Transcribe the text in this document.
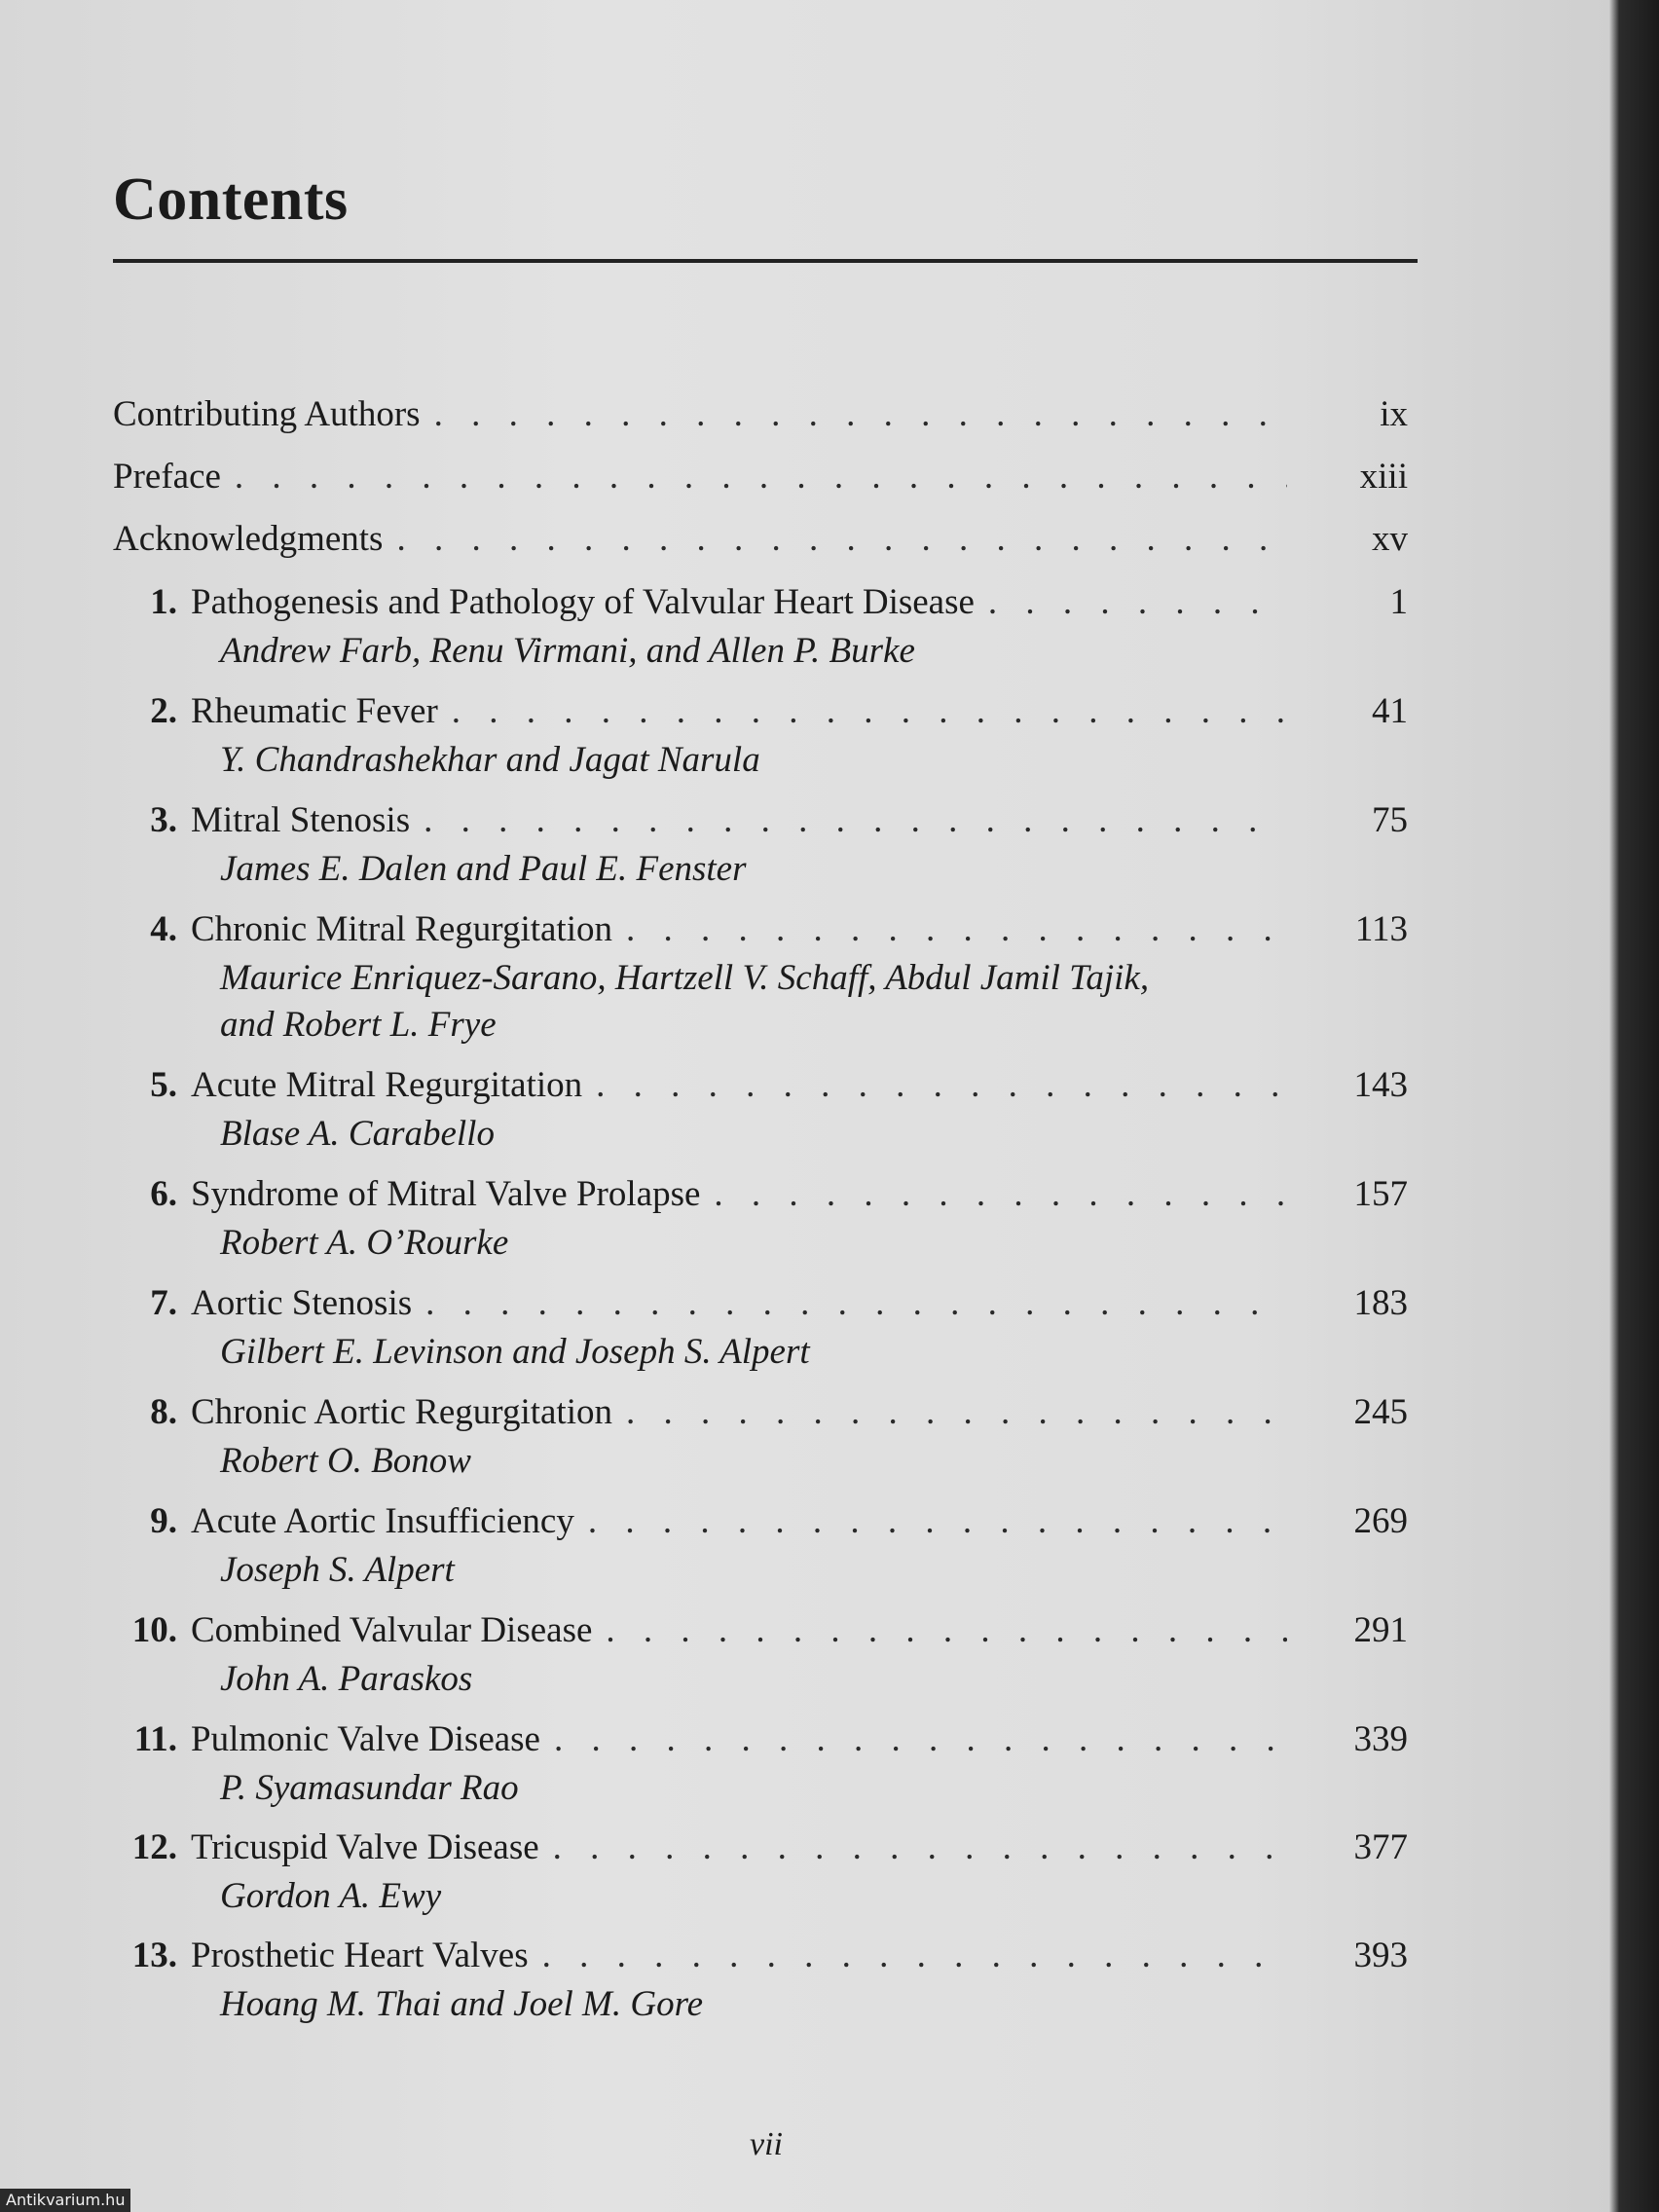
Contents
Contributing Authors . . .	ix
Preface . . .	xiii
Acknowledgments . . .	xv
1. Pathogenesis and Pathology of Valvular Heart Disease . . .	1
Andrew Farb, Renu Virmani, and Allen P. Burke
2. Rheumatic Fever . . .	41
Y. Chandrashekhar and Jagat Narula
3. Mitral Stenosis . . .	75
James E. Dalen and Paul E. Fenster
4. Chronic Mitral Regurgitation . . .	113
Maurice Enriquez-Sarano, Hartzell V. Schaff, Abdul Jamil Tajik,
and Robert L. Frye
5. Acute Mitral Regurgitation . . .	143
Blase A. Carabello
6. Syndrome of Mitral Valve Prolapse . . .	157
Robert A. O’Rourke
7. Aortic Stenosis . . .	183
Gilbert E. Levinson and Joseph S. Alpert
8. Chronic Aortic Regurgitation . . .	245
Robert O. Bonow
9. Acute Aortic Insufficiency . . .	269
Joseph S. Alpert
10. Combined Valvular Disease . . .	291
John A. Paraskos
11. Pulmonic Valve Disease . . .	339
P. Syamasundar Rao
12. Tricuspid Valve Disease . . .	377
Gordon A. Ewy
13. Prosthetic Heart Valves . . .	393
Hoang M. Thai and Joel M. Gore
vii
Antikvarium.hu
